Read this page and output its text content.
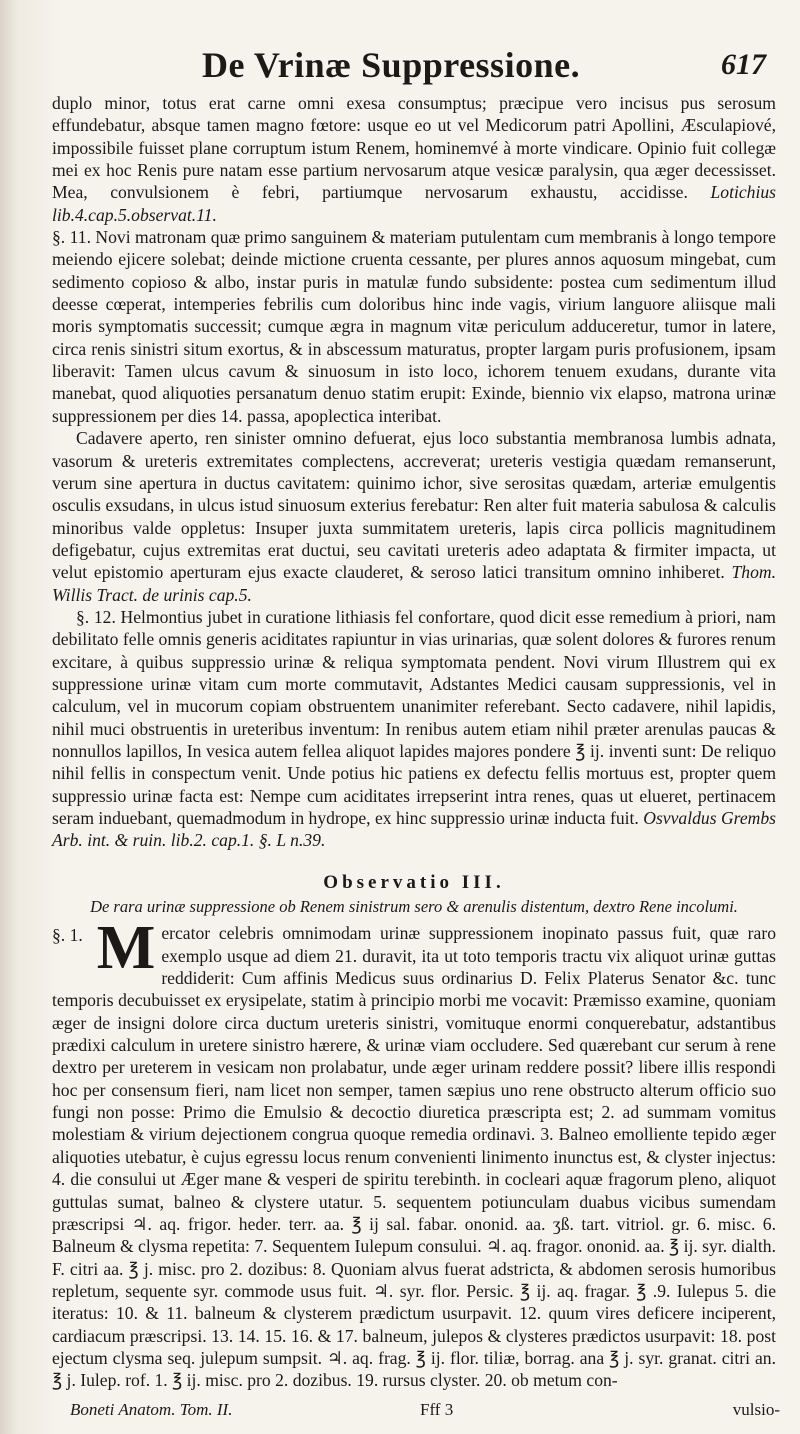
De Vrinæ Suppressione.	617

duplo minor, totus erat carne omni exesa consumptus; præcipue vero incisus pus serosum effundebatur, absque tamen magno fœtore: usque eo ut vel Medicorum patri Apollini, Æsculapiové, impossibile fuisset plane corruptum istum Renem, hominemvé à morte vindicare. Opinio fuit collegæ mei ex hoc Renis pure natam esse partium nervosarum atque vesicæ paralysin, qua æger decessisset. Mea, convulsionem è febri, partiumque nervosarum exhaustu, accidisse. Lotichius lib.4.cap.5.observat.11.

§. 11. Novi matronam quæ primo sanguinem & materiam putulentam cum membranis à longo tempore meiendo ejicere solebat; deinde mictione cruenta cessante, per plures annos aquosum mingebat, cum sedimento copioso & albo, instar puris in matulæ fundo subsidente: postea cum sedimentum illud deesse cœperat, intemperies febrilis cum doloribus hinc inde vagis, virium languore aliisque mali moris symptomatis successit; cumque ægra in magnum vitæ periculum adduceretur, tumor in latere, circa renis sinistri situm exortus, & in abscessum maturatus, propter largam puris profusionem, ipsam liberavit: Tamen ulcus cavum & sinuosum in isto loco, ichorem tenuem exudans, durante vita manebat, quod aliquoties persanatum denuo statim erupit: Exinde, biennio vix elapso, matrona urinæ suppressionem per dies 14. passa, apoplectica interibat.

Cadavere aperto, ren sinister omnino defuerat, ejus loco substantia membranosa lumbis adnata, vasorum & ureteris extremitates complectens, accreverat; ureteris vestigia quædam remanserunt, verum sine apertura in ductus cavitatem: quinimo ichor, sive serositas quædam, arteriæ emulgentis osculis exsudans, in ulcus istud sinuosum exterius ferebatur: Ren alter fuit materia sabulosa & calculis minoribus valde oppletus: Insuper juxta summitatem ureteris, lapis circa pollicis magnitudinem defigebatur, cujus extremitas erat ductui, seu cavitati ureteris adeo adaptata & firmiter impacta, ut velut epistomio aperturam ejus exacte clauderet, & seroso latici transitum omnino inhiberet. Thom. Willis Tract. de urinis cap.5.

§. 12. Helmontius jubet in curatione lithiasis fel confortare, quod dicit esse remedium à priori, nam debilitato felle omnis generis aciditates rapiuntur in vias urinarias, quæ solent dolores & furores renum excitare, à quibus suppressio urinæ & reliqua symptomata pendent. Novi virum Illustrem qui ex suppressione urinæ vitam cum morte commutavit, Adstantes Medici causam suppressionis, vel in calculum, vel in mucorum copiam obstruentem unanimiter referebant. Secto cadavere, nihil lapidis, nihil muci obstruentis in ureteribus inventum: In renibus autem etiam nihil præter arenulas paucas & nonnullos lapillos, In vesica autem fellea aliquot lapides majores pondere ℥ ij. inventi sunt: De reliquo nihil fellis in conspectum venit. Unde potius hic patiens ex defectu fellis mortuus est, propter quem suppressio urinæ facta est: Nempe cum aciditates irrepserint intra renes, quas ut elueret, pertinacem seram induebant, quemadmodum in hydrope, ex hinc suppressio urinæ inducta fuit. Osvvaldus Grembs Arb. int. & ruin. lib.2. cap.1. §. L n.39.

Observatio III.
De rara urinæ suppressione ob Renem sinistrum sero & arenulis distentum, dextro Rene incolumi.

§. 1. M ercator celebris omnimodam urinæ suppressionem inopinato passus fuit, quæ raro exemplo usque ad diem 21. duravit, ita ut toto temporis tractu vix aliquot urinæ guttas reddiderit: Cum affinis Medicus suus ordinarius D. Felix Platerus Senator &c. tunc temporis decubuisset ex erysipelate, statim à principio morbi me vocavit: Præmisso examine, quoniam æger de insigni dolore circa ductum ureteris sinistri, vomituque enormi conquerebatur, adstantibus prædixi calculum in uretere sinistro hærere, & urinæ viam occludere. Sed quærebant cur serum à rene dextro per ureterem in vesicam non prolabatur, unde æger urinam reddere possit? libere illis respondi hoc per consensum fieri, nam licet non semper, tamen sæpius uno rene obstructo alterum officio suo fungi non posse: Primo die Emulsio & decoctio diuretica præscripta est; 2. ad summam vomitus molestiam & virium dejectionem congrua quoque remedia ordinavi. 3. Balneo emolliente tepido æger aliquoties utebatur, è cujus egressu locus renum convenienti linimento inunctus est, & clyster injectus: 4. die consului ut Æger mane & vesperi de spiritu terebinth. in cocleari aquæ fragorum pleno, aliquot guttulas sumat, balneo & clystere utatur. 5. sequentem potiunculam duabus vicibus sumendam præscripsi ♃. aq. frigor. heder. terr. aa. ℥ ij sal. fabar. ononid. aa. ʒß. tart. vitriol. gr. 6. misc. 6. Balneum & clysma repetita: 7. Sequentem Iulepum consului. ♃. aq. fragor. ononid. aa. ℥ ij. syr. dialth. F. citri aa. ℥ j. misc. pro 2. dozibus: 8. Quoniam alvus fuerat adstricta, & abdomen serosis humoribus repletum, sequente syr. commode usus fuit. ♃. syr. flor. Persic. ℥ ij. aq. fragar. ℥ .9. Iulepus 5. die iteratus: 10. & 11. balneum & clysterem prædictum usurpavit. 12. quum vires deficere inciperent, cardiacum præscripsi. 13. 14. 15. 16. & 17. balneum, julepos & clysteres prædictos usurpavit: 18. post ejectum clysma seq. julepum sumpsit. ♃. aq. frag. ℥ ij. flor. tiliæ, borrag. ana ℥ j. syr. granat. citri an. ℥ j. Iulep. rof. 1. ℥ ij. misc. pro 2. dozibus. 19. rursus clyster. 20. ob metum con-

Boneti Anatom. Tom. II.	Fff 3	vulsio-
